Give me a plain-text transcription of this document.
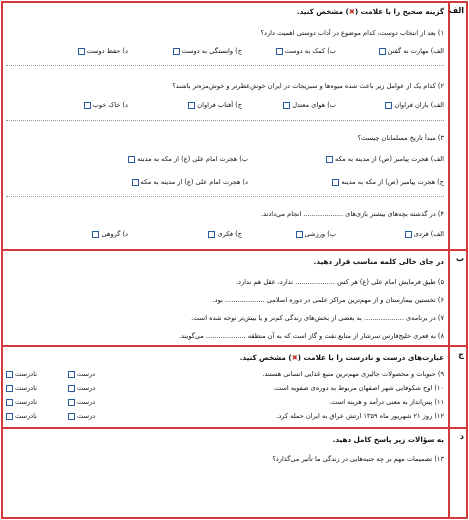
الف
گزینه صحیح را با علامت (✖) مشخص کنید.
۱) بعد از انتخاب دوست، کدام موضوع در آداب دوستی اهمیت دارد؟
الف) مهارت نه گفتن
ب) کمک به دوست
ج) وابستگی به دوست
د) حفظ دوست
۲) کدام یک از عوامل زیر باعث شده میوه‌ها و سبزیجات در ایران خوش‌عطرتر و خوش‌مزه‌تر باشند؟
الف) باران فراوان
ب) هوای معتدل
ج) آفتاب فراوان
د) خاک خوب
۳) مبدأ تاریخ مسلمانان چیست؟
الف) هجرت پیامبر (ص) از مدینه به مکه
ب) هجرت امام علی (ع) از مکه به مدینه
ج) هجرت پیامبر (ص) از مکه به مدینه
د) هجرت امام علی (ع) از مدینه به مکه
۴) در گذشته بچه‌های بیشتر بازی‌های ................... انجام می‌دادند.
الف) فردی
ب) ورزشی
ج) فکری
د) گروهی
ب
در جای خالی کلمه مناسب قرار دهید.
۵) طبق فرمایش امام علی (ع) هر کس ................... ندارد، عقل هم ندارد.
۶) نخستین بیمارستان و از مهم‌ترین مراکز علمی در دوره اسلامی ................... بود.
۷) در برنامه‌ی ................... به بعضی از بخش‌های زندگی کم‌تر و یا بیش‌تر توجه شده است.
۸) به قعری خلیج‌فارس سرشار از منابع نفت و گاز است که به آن منطقه ................... می‌گویند.
ج
عبارت‌های درست و نادرست را با علامت (✖) مشخص کنید.
۹) حبوبات و محصولات جالیزی مهم‌ترین منبع غذایی انسانی هستند.
درست
نادرست
۱۰) اوج شکوفایی شهر اصفهان مربوط به دوره‌ی صفویه است.
درست
نادرست
۱۱) پس‌انداز به معنی درآمد و هزینه است.
درست
نادرست
۱۲) روز ۲۱ شهریور ماه ۱۳۵۹ ارتش عراق به ایران حمله کرد.
درست
نادرست
د
به سؤالات زیر پاسخ کامل دهید.
۱۳) تصمیمات مهم بر چه جنبه‌هایی در زندگی ما تأثیر می‌گذارد؟
